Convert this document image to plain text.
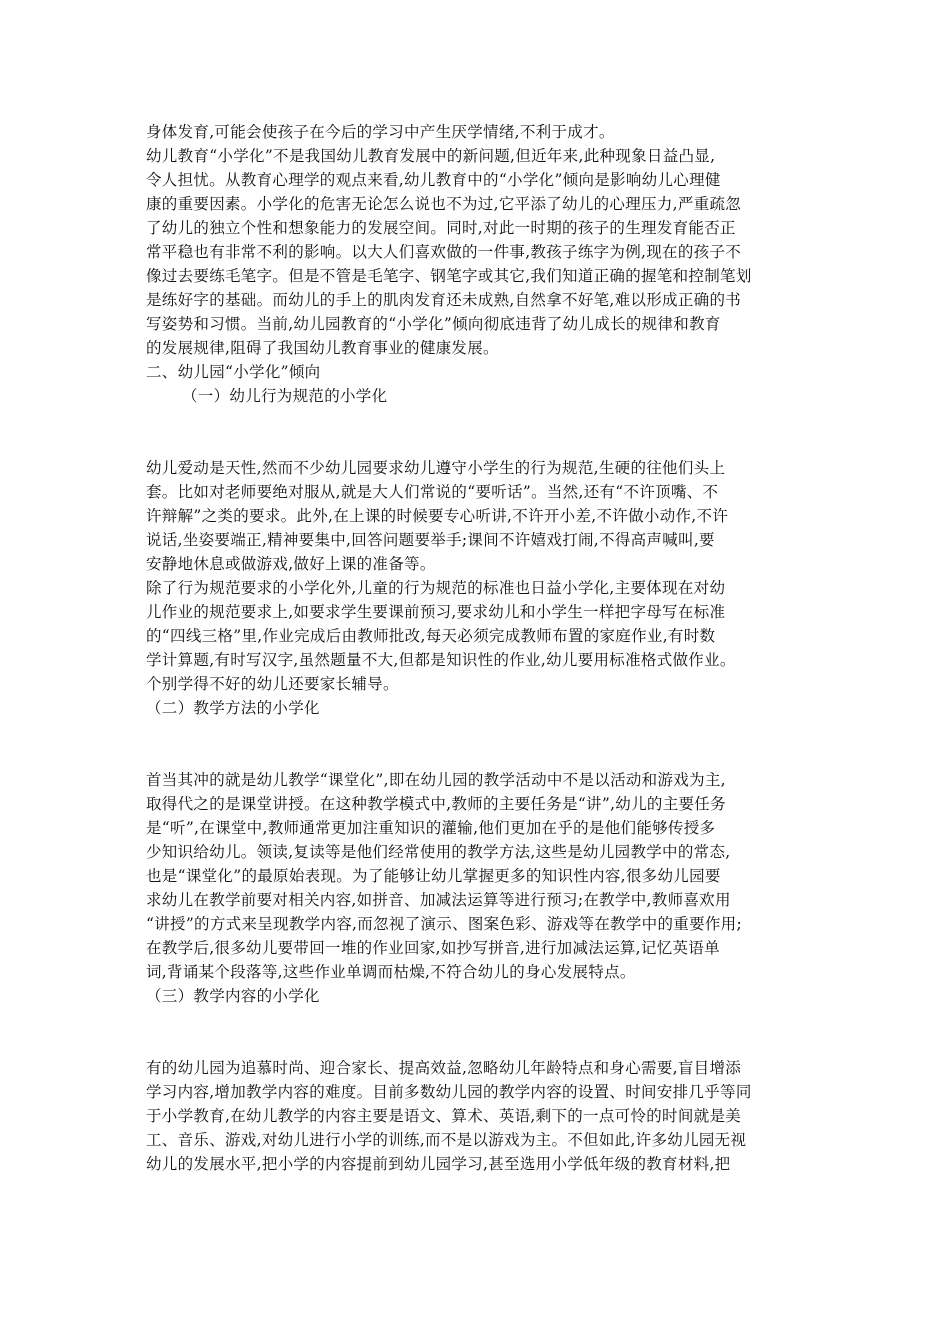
身体发育,可能会使孩子在今后的学习中产生厌学情绪,不利于成才。
幼儿教育“小学化”不是我国幼儿教育发展中的新问题,但近年来,此种现象日益凸显,
令人担忧。从教育心理学的观点来看,幼儿教育中的“小学化”倾向是影响幼儿心理健
康的重要因素。小学化的危害无论怎么说也不为过,它平添了幼儿的心理压力,严重疏忽
了幼儿的独立个性和想象能力的发展空间。同时,对此一时期的孩子的生理发育能否正
常平稳也有非常不利的影响。以大人们喜欢做的一件事,教孩子练字为例,现在的孩子不
像过去要练毛笔字。但是不管是毛笔字、钢笔字或其它,我们知道正确的握笔和控制笔划
是练好字的基础。而幼儿的手上的肌肉发育还未成熟,自然拿不好笔,难以形成正确的书
写姿势和习惯。当前,幼儿园教育的“小学化”倾向彻底违背了幼儿成长的规律和教育
的发展规律,阻碍了我国幼儿教育事业的健康发展。
二、幼儿园“小学化”倾向
（一）幼儿行为规范的小学化
幼儿爱动是天性,然而不少幼儿园要求幼儿遵守小学生的行为规范,生硬的往他们头上
套。比如对老师要绝对服从,就是大人们常说的“要听话”。当然,还有“不许顶嘴、不
许辩解”之类的要求。此外,在上课的时候要专心听讲,不许开小差,不许做小动作,不许
说话,坐姿要端正,精神要集中,回答问题要举手;课间不许嬉戏打闹,不得高声喊叫,要
安静地休息或做游戏,做好上课的准备等。
除了行为规范要求的小学化外,儿童的行为规范的标准也日益小学化,主要体现在对幼
儿作业的规范要求上,如要求学生要课前预习,要求幼儿和小学生一样把字母写在标准
的“四线三格”里,作业完成后由教师批改,每天必须完成教师布置的家庭作业,有时数
学计算题,有时写汉字,虽然题量不大,但都是知识性的作业,幼儿要用标准格式做作业。
个别学得不好的幼儿还要家长辅导。
（二）教学方法的小学化
首当其冲的就是幼儿教学“课堂化”,即在幼儿园的教学活动中不是以活动和游戏为主,
取得代之的是课堂讲授。在这种教学模式中,教师的主要任务是“讲”,幼儿的主要任务
是“听”,在课堂中,教师通常更加注重知识的灌输,他们更加在乎的是他们能够传授多
少知识给幼儿。领读,复读等是他们经常使用的教学方法,这些是幼儿园教学中的常态,
也是“课堂化”的最原始表现。为了能够让幼儿掌握更多的知识性内容,很多幼儿园要
求幼儿在教学前要对相关内容,如拼音、加减法运算等进行预习;在教学中,教师喜欢用
“讲授”的方式来呈现教学内容,而忽视了演示、图案色彩、游戏等在教学中的重要作用;
在教学后,很多幼儿要带回一堆的作业回家,如抄写拼音,进行加减法运算,记忆英语单
词,背诵某个段落等,这些作业单调而枯燥,不符合幼儿的身心发展特点。
（三）教学内容的小学化
有的幼儿园为追慕时尚、迎合家长、提高效益,忽略幼儿年龄特点和身心需要,盲目增添
学习内容,增加教学内容的难度。目前多数幼儿园的教学内容的设置、时间安排几乎等同
于小学教育,在幼儿教学的内容主要是语文、算术、英语,剩下的一点可怜的时间就是美
工、音乐、游戏,对幼儿进行小学的训练,而不是以游戏为主。不但如此,许多幼儿园无视
幼儿的发展水平,把小学的内容提前到幼儿园学习,甚至选用小学低年级的教育材料,把
